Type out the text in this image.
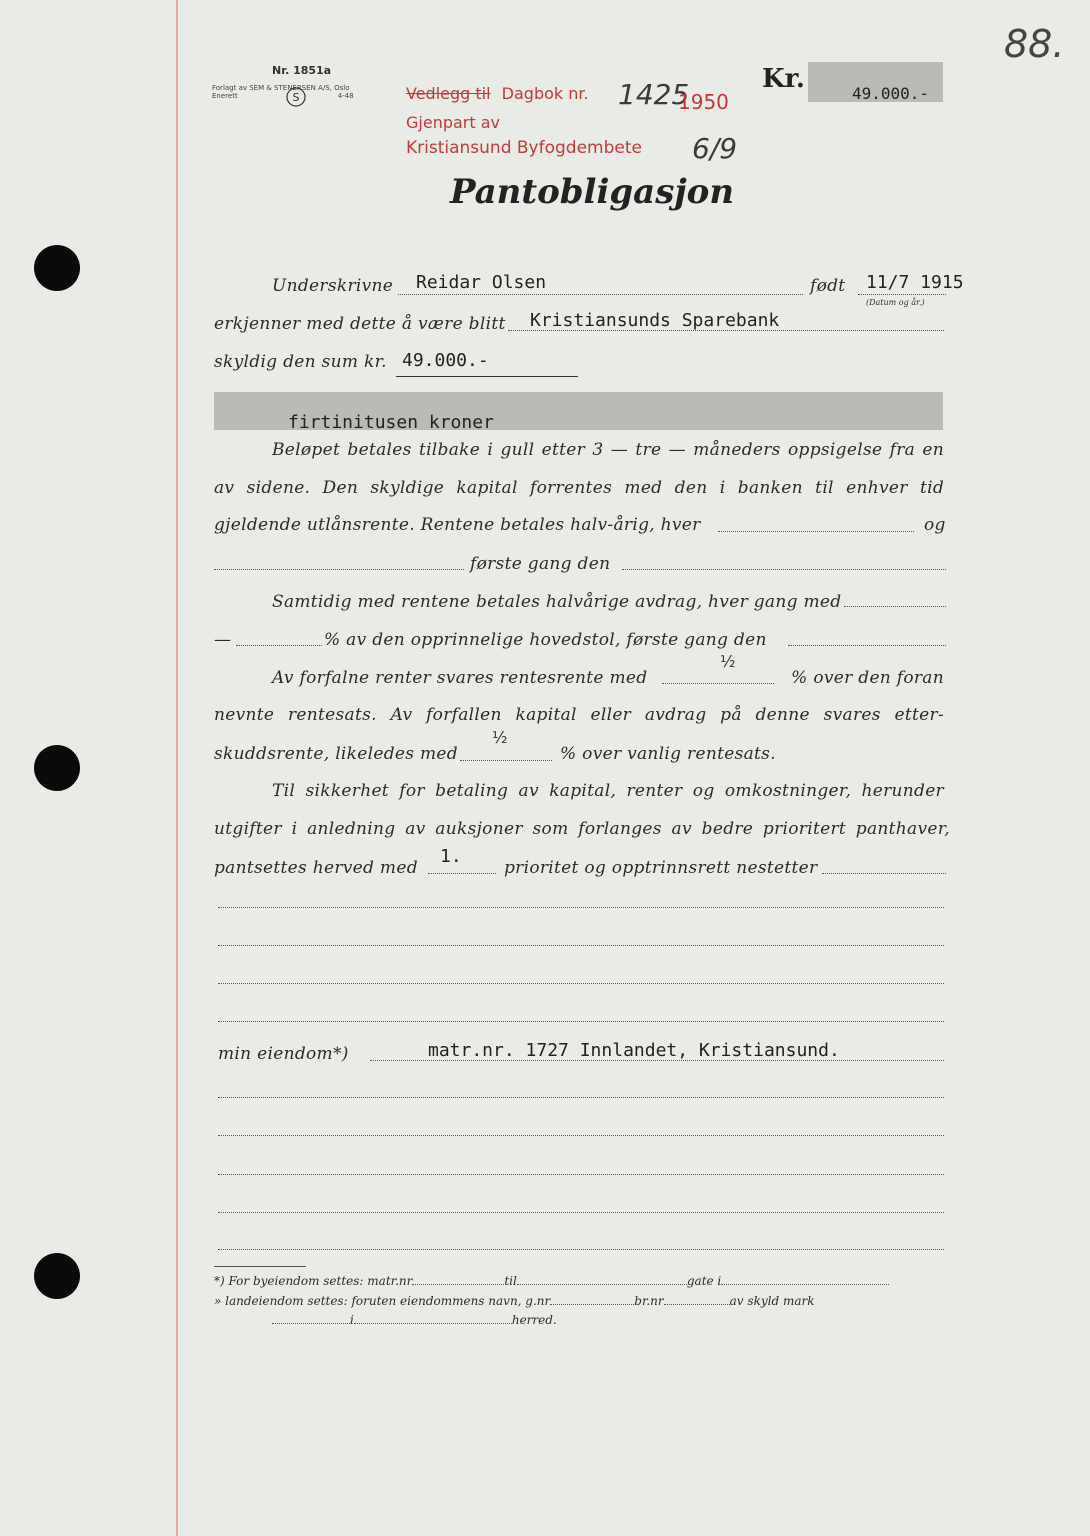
88.
Nr. 1851a
Forlagt av SEM & STENERSEN A/S, Oslo
Enerett	4-48
S	Vedlegg til Dagbok nr.
Gjenpart av
Kristiansund Byfogdembete
1425
1950
6/9
Kr.	49.000.-
Pantobligasjon
Underskrivne Reidar Olsen	født 11/7 1915
(Datum og år.)
erkjenner med dette å være blitt Kristiansunds Sparebank
skyldig den sum kr. 49.000.-
firtinitusen kroner
Beløpet betales tilbake i gull etter 3 — tre — måneders oppsigelse fra en
av sidene. Den skyldige kapital forrentes med den i banken til enhver tid
gjeldende utlånsrente. Rentene betales halv-årig, hver	og
første gang den
Samtidig med rentene betales halvårige avdrag, hver gang med
—	% av den opprinnelige hovedstol, første gang den
Av forfalne renter svares rentesrente med
½
% over den foran
nevnte rentesats. Av forfallen kapital eller avdrag på denne svares etter-
skuddsrente, likeledes med
½
% over vanlig rentesats.
Til sikkerhet for betaling av kapital, renter og omkostninger, herunder
utgifter i anledning av auksjoner som forlanges av bedre prioritert panthaver,
pantsettes herved med
1.
prioritet og opptrinnsrett nestetter
min eiendom*)	matr.nr. 1727 Innlandet, Kristiansund.
*) For byeiendom settes: matr.nr	til	gate i
» landeiendom settes: foruten eiendommens navn, g.nr	br.nr	av skyld mark
i	herred.
